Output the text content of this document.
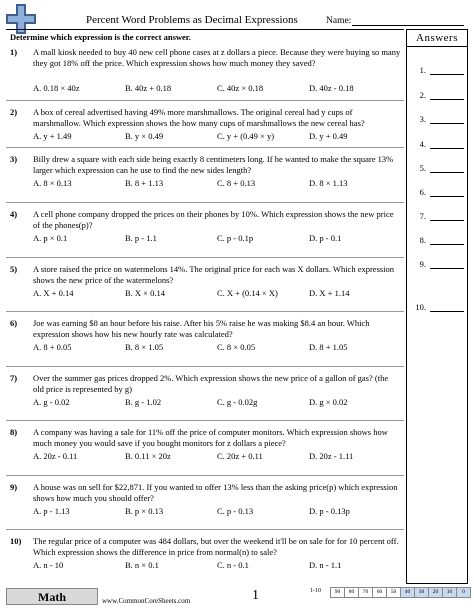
Percent Word Problems as Decimal Expressions	Name:
Determine which expression is the correct answer.
1)	A mall kiosk needed to buy 40 new cell phone cases at z dollars a piece. Because they were buying so many they got 18% off the price. Which expression shows how much money they saved?
A. 0.18 × 40z	B. 40z + 0.18	C. 40z × 0.18	D. 40z - 0.18
2)	A box of cereal advertised having 49% more marshmallows. The original cereal had y cups of marshmallow. Which expression shows the how many cups of marshmallows the new cereal has?
A. y + 1.49	B. y × 0.49	C. y + (0.49 × y)	D. y + 0.49
3)	Billy drew a square with each side being exactly 8 centimeters long. If he wanted to make the square 13% larger which expression can he use to find the new sides length?
A. 8 × 0.13	B. 8 + 1.13	C. 8 + 0.13	D. 8 × 1.13
4)	A cell phone company dropped the prices on their phones by 10%. Which expression shows the new price of the phones(p)?
A. p × 0.1	B. p - 1.1	C. p - 0.1p	D. p - 0.1
5)	A store raised the price on watermelons 14%. The original price for each was X dollars. Which expression shows the new price of the watermelons?
A. X + 0.14	B. X × 0.14	C. X + (0.14 × X)	D. X + 1.14
6)	Joe was earning $8 an hour before his raise. After his 5% raise he was making $8.4 an hour. Which expression shows how his new hourly rate was calculated?
A. 8 + 0.05	B. 8 × 1.05	C. 8 × 0.05	D. 8 + 1.05
7)	Over the summer gas prices dropped 2%. Which expression shows the new price of a gallon of gas? (the old price is represented by g)
A. g - 0.02	B. g - 1.02	C. g - 0.02g	D. g × 0.02
8)	A company was having a sale for 11% off the price of computer monitors. Which expression shows how much money you would save if you bought monitors for z dollars a piece?
A. 20z - 0.11	B. 0.11 × 20z	C. 20z + 0.11	D. 20z - 1.11
9)	A house was on sell for $22,871. If you wanted to offer 13% less than the asking price(p) which expression shows how much you should offer?
A. p - 1.13	B. p × 0.13	C. p - 0.13	D. p - 0.13p
10)	The regular price of a computer was 484 dollars, but over the weekend it'll be on sale for for 10 percent off. Which expression shows the difference in price from normal(n) to sale?
A. n - 10	B. n × 0.1	C. n - 0.1	D. n - 1.1
Answers
1.
2.
3.
4.
5.
6.
7.
8.
9.
10.
Math	www.CommonCoreSheets.com	1	1-10	90	80	70	60	50	40	30	20	10	0
